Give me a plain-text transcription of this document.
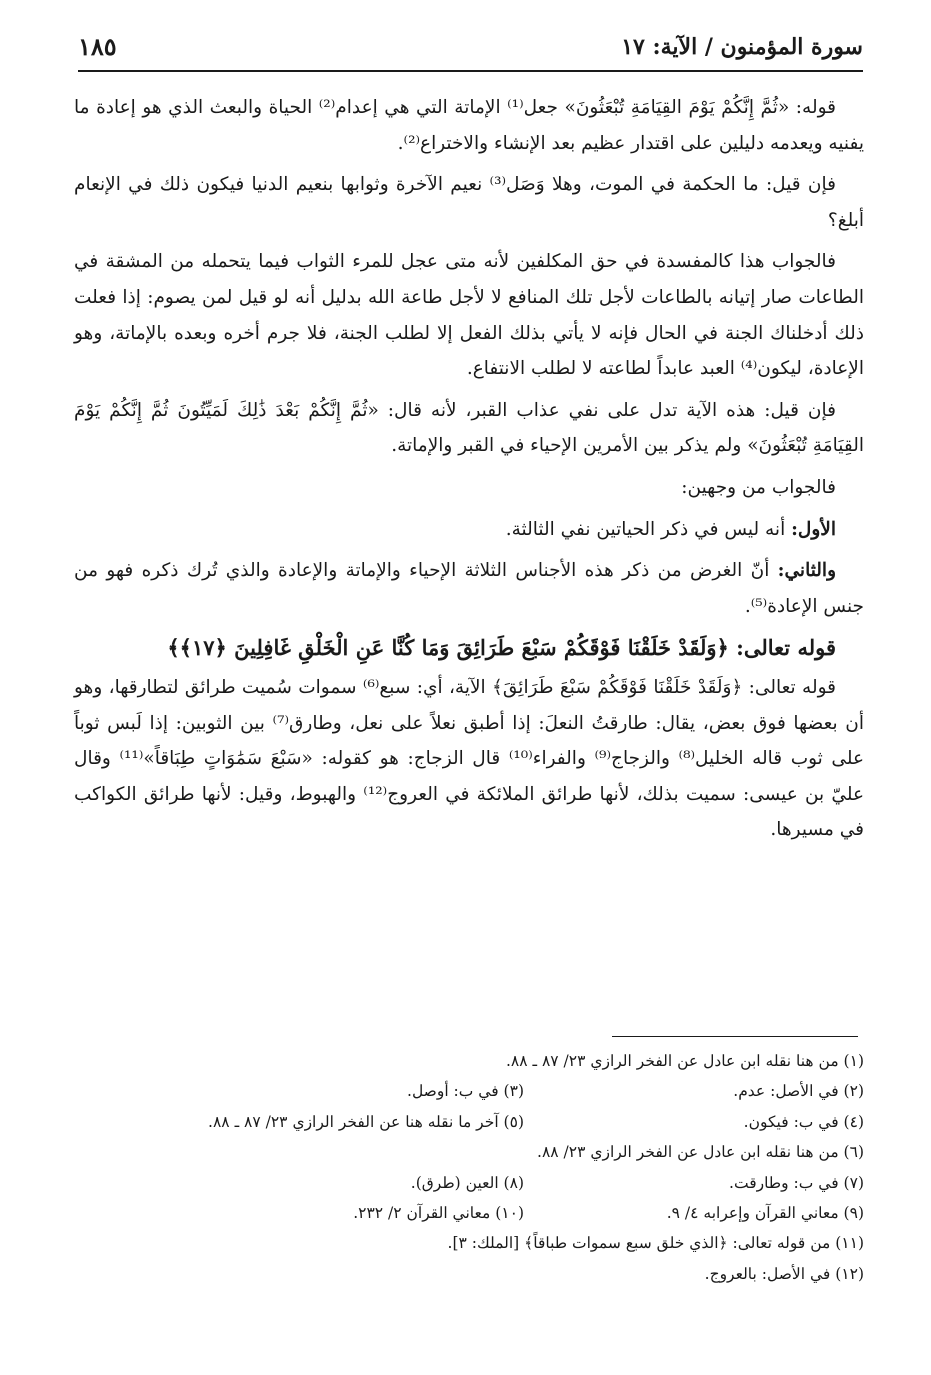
سورة المؤمنون / الآية: ١٧
١٨٥

قوله: «ثُمَّ إِنَّكُمْ يَوْمَ القِيَامَةِ تُبْعَثُونَ» جعل⁽¹⁾ الإماتة التي هي إعدام⁽²⁾ الحياة والبعث الذي هو إعادة ما يفنيه ويعدمه دليلين على اقتدار عظيم بعد الإنشاء والاختراع⁽²⁾.

فإن قيل: ما الحكمة في الموت، وهلا وَصَل⁽³⁾ نعيم الآخرة وثوابها بنعيم الدنيا فيكون ذلك في الإنعام أبلغ؟

فالجواب هذا كالمفسدة في حق المكلفين لأنه متى عجل للمرء الثواب فيما يتحمله من المشقة في الطاعات صار إتيانه بالطاعات لأجل تلك المنافع لا لأجل طاعة الله بدليل أنه لو قيل لمن يصوم: إذا فعلت ذلك أدخلناك الجنة في الحال فإنه لا يأتي بذلك الفعل إلا لطلب الجنة، فلا جرم أخره وبعده بالإماتة، وهو الإعادة، ليكون⁽⁴⁾ العبد عابداً لطاعته لا لطلب الانتفاع.

فإن قيل: هذه الآية تدل على نفي عذاب القبر، لأنه قال: «ثُمَّ إِنَّكُمْ بَعْدَ ذَٰلِكَ لَمَيِّتُونَ ثُمَّ إِنَّكُمْ يَوْمَ القِيَامَةِ تُبْعَثُونَ» ولم يذكر بين الأمرين الإحياء في القبر والإماتة.

فالجواب من وجهين:

الأول: أنه ليس في ذكر الحياتين نفي الثالثة.

والثاني: أنّ الغرض من ذكر هذه الأجناس الثلاثة الإحياء والإماتة والإعادة والذي تُرك ذكره فهو من جنس الإعادة⁽⁵⁾.

قوله تعالى: ﴿وَلَقَدْ خَلَقْنَا فَوْقَكُمْ سَبْعَ طَرَائِقَ وَمَا كُنَّا عَنِ الْخَلْقِ غَافِلِينَ ﴿١٧﴾﴾

قوله تعالى: ﴿وَلَقَدْ خَلَقْنَا فَوْقَكُمْ سَبْعَ طَرَائِقَ﴾ الآية، أي: سبع⁽⁶⁾ سموات سُميت طرائق لتطارقها، وهو أن بعضها فوق بعض، يقال: طارقتُ النعلَ: إذا أطبق نعلاً على نعل، وطارق⁽⁷⁾ بين الثوبين: إذا لَبس ثوباً على ثوب قاله الخليل⁽⁸⁾ والزجاج⁽⁹⁾ والفراء⁽¹⁰⁾ قال الزجاج: هو كقوله: «سَبْعَ سَمَٰوَاتٍ طِبَاقاً»⁽¹¹⁾ وقال عليّ بن عيسى: سميت بذلك، لأنها طرائق الملائكة في العروج⁽¹²⁾ والهبوط، وقيل: لأنها طرائق الكواكب في مسيرها.

(١) من هنا نقله ابن عادل عن الفخر الرازي ٢٣/ ٨٧ ـ ٨٨.
(٢) في الأصل: عدم.
(٣) في ب: أوصل.
(٤) في ب: فيكون.
(٥) آخر ما نقله هنا عن الفخر الرازي ٢٣/ ٨٧ ـ ٨٨.
(٦) من هنا نقله ابن عادل عن الفخر الرازي ٢٣/ ٨٨.
(٧) في ب: وطارقت.
(٨) العين (طرق).
(٩) معاني القرآن وإعرابه ٤/ ٩.
(١٠) معاني القرآن ٢/ ٢٣٢.
(١١) من قوله تعالى: ﴿الذي خلق سبع سموات طباقاً﴾ [الملك: ٣].
(١٢) في الأصل: بالعروج.
